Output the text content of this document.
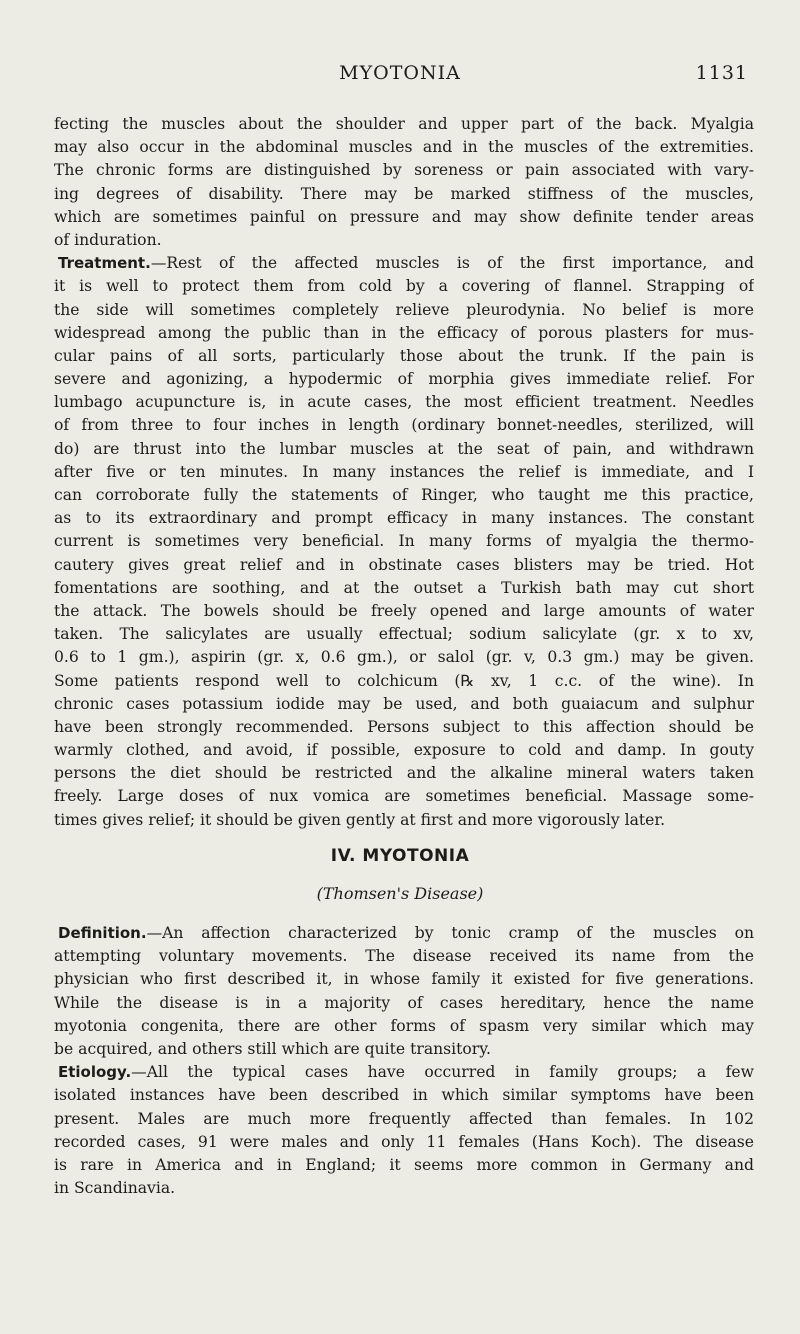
MYOTONIA	1131
fecting the muscles about the shoulder and upper part of the back. Myalgia
may also occur in the abdominal muscles and in the muscles of the extremities.
The chronic forms are distinguished by soreness or pain associated with vary-
ing degrees of disability. There may be marked stiffness of the muscles,
which are sometimes painful on pressure and may show definite tender areas
of induration.
Treatment.—Rest of the affected muscles is of the first importance, and
it is well to protect them from cold by a covering of flannel. Strapping of
the side will sometimes completely relieve pleurodynia. No belief is more
widespread among the public than in the efficacy of porous plasters for mus-
cular pains of all sorts, particularly those about the trunk. If the pain is
severe and agonizing, a hypodermic of morphia gives immediate relief. For
lumbago acupuncture is, in acute cases, the most efficient treatment. Needles
of from three to four inches in length (ordinary bonnet-needles, sterilized, will
do) are thrust into the lumbar muscles at the seat of pain, and withdrawn
after five or ten minutes. In many instances the relief is immediate, and I
can corroborate fully the statements of Ringer, who taught me this practice,
as to its extraordinary and prompt efficacy in many instances. The constant
current is sometimes very beneficial. In many forms of myalgia the thermo-
cautery gives great relief and in obstinate cases blisters may be tried. Hot
fomentations are soothing, and at the outset a Turkish bath may cut short
the attack. The bowels should be freely opened and large amounts of water
taken. The salicylates are usually effectual; sodium salicylate (gr. x to xv,
0.6 to 1 gm.), aspirin (gr. x, 0.6 gm.), or salol (gr. v, 0.3 gm.) may be given.
Some patients respond well to colchicum (℞ xv, 1 c.c. of the wine). In
chronic cases potassium iodide may be used, and both guaiacum and sulphur
have been strongly recommended. Persons subject to this affection should be
warmly clothed, and avoid, if possible, exposure to cold and damp. In gouty
persons the diet should be restricted and the alkaline mineral waters taken
freely. Large doses of nux vomica are sometimes beneficial. Massage some-
times gives relief; it should be given gently at first and more vigorously later.
IV. MYOTONIA
(Thomsen's Disease)
Definition.—An affection characterized by tonic cramp of the muscles on
attempting voluntary movements. The disease received its name from the
physician who first described it, in whose family it existed for five generations.
While the disease is in a majority of cases hereditary, hence the name
myotonia congenita, there are other forms of spasm very similar which may
be acquired, and others still which are quite transitory.
Etiology.—All the typical cases have occurred in family groups; a few
isolated instances have been described in which similar symptoms have been
present. Males are much more frequently affected than females. In 102
recorded cases, 91 were males and only 11 females (Hans Koch). The disease
is rare in America and in England; it seems more common in Germany and
in Scandinavia.
